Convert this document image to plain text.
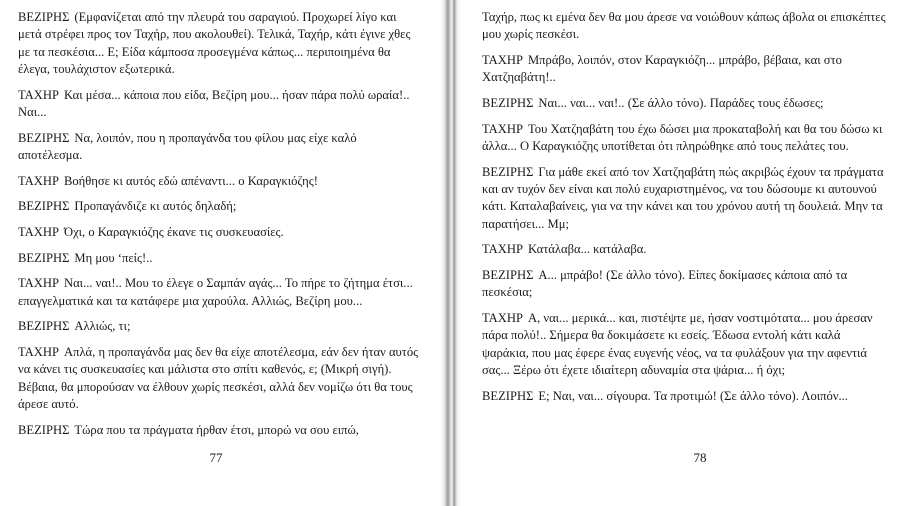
ΒΕΖΙΡΗΣ (Εμφανίζεται από την πλευρά του σαραγιού. Προχωρεί λίγο και μετά στρέφει προς τον Ταχήρ, που ακολουθεί). Τελικά, Ταχήρ, κάτι έγινε χθες με τα πεσκέσια... Ε; Είδα κάμποσα προσεγμένα κάπως... περιποιημένα θα έλεγα, τουλάχιστον εξωτερικά.

ΤΑΧΗΡ Και μέσα... κάποια που είδα, Βεζίρη μου... ήσαν πάρα πολύ ωραία!.. Ναι...

ΒΕΖΙΡΗΣ Να, λοιπόν, που η προπαγάνδα του φίλου μας είχε καλό αποτέλεσμα.

ΤΑΧΗΡ Βοήθησε κι αυτός εδώ απέναντι... ο Καραγκιόζης!

ΒΕΖΙΡΗΣ Προπαγάνδιζε κι αυτός δηλαδή;

ΤΑΧΗΡ Όχι, ο Καραγκιόζης έκανε τις συσκευασίες.

ΒΕΖΙΡΗΣ Μη μου ‘πείς!..

ΤΑΧΗΡ Ναι... ναι!.. Μου το έλεγε ο Σαμπάν αγάς... Το πήρε το ζήτημα έτσι... επαγγελματικά και τα κατάφερε μια χαρούλα. Αλλιώς, Βεζίρη μου...

ΒΕΖΙΡΗΣ Αλλιώς, τι;

ΤΑΧΗΡ Απλά, η προπαγάνδα μας δεν θα είχε αποτέλεσμα, εάν δεν ήταν αυτός να κάνει τις συσκευασίες και μάλιστα στο σπίτι καθενός, ε; (Μικρή σιγή). Βέβαια, θα μπορούσαν να έλθουν χωρίς πεσκέσι, αλλά δεν νομίζω ότι θα τους άρεσε αυτό.

ΒΕΖΙΡΗΣ Τώρα που τα πράγματα ήρθαν έτσι, μπορώ να σου ειπώ,

77

Ταχήρ, πως κι εμένα δεν θα μου άρεσε να νοιώθουν κάπως άβολα οι επισκέπτες μου χωρίς πεσκέσι.

ΤΑΧΗΡ Μπράβο, λοιπόν, στον Καραγκιόζη... μπράβο, βέβαια, και στο Χατζηαβάτη!..

ΒΕΖΙΡΗΣ Ναι... ναι... ναι!.. (Σε άλλο τόνο). Παράδες τους έδωσες;

ΤΑΧΗΡ Του Χατζηαβάτη του έχω δώσει μια προκαταβολή και θα του δώσω κι άλλα... Ο Καραγκιόζης υποτίθεται ότι πληρώθηκε από τους πελάτες του.

ΒΕΖΙΡΗΣ Για μάθε εκεί από τον Χατζηαβάτη πώς ακριβώς έχουν τα πράγματα και αν τυχόν δεν είναι και πολύ ευχαριστημένος, να του δώσουμε κι αυτουνού κάτι. Καταλαβαίνεις, για να την κάνει και του χρόνου αυτή τη δουλειά. Μην τα παρατήσει... Μμ;

ΤΑΧΗΡ Κατάλαβα... κατάλαβα.

ΒΕΖΙΡΗΣ Α... μπράβο! (Σε άλλο τόνο). Είπες δοκίμασες κάποια από τα πεσκέσια;

ΤΑΧΗΡ Α, ναι... μερικά... και, πιστέψτε με, ήσαν νοστιμότατα... μου άρεσαν πάρα πολύ!.. Σήμερα θα δοκιμάσετε κι εσείς. Έδωσα εντολή κάτι καλά ψαράκια, που μας έφερε ένας ευγενής νέος, να τα φυλάξουν για την αφεντιά σας... Ξέρω ότι έχετε ιδιαίτερη αδυναμία στα ψάρια... ή όχι;

ΒΕΖΙΡΗΣ Ε; Ναι, ναι... σίγουρα. Τα προτιμώ! (Σε άλλο τόνο). Λοιπόν...

78
